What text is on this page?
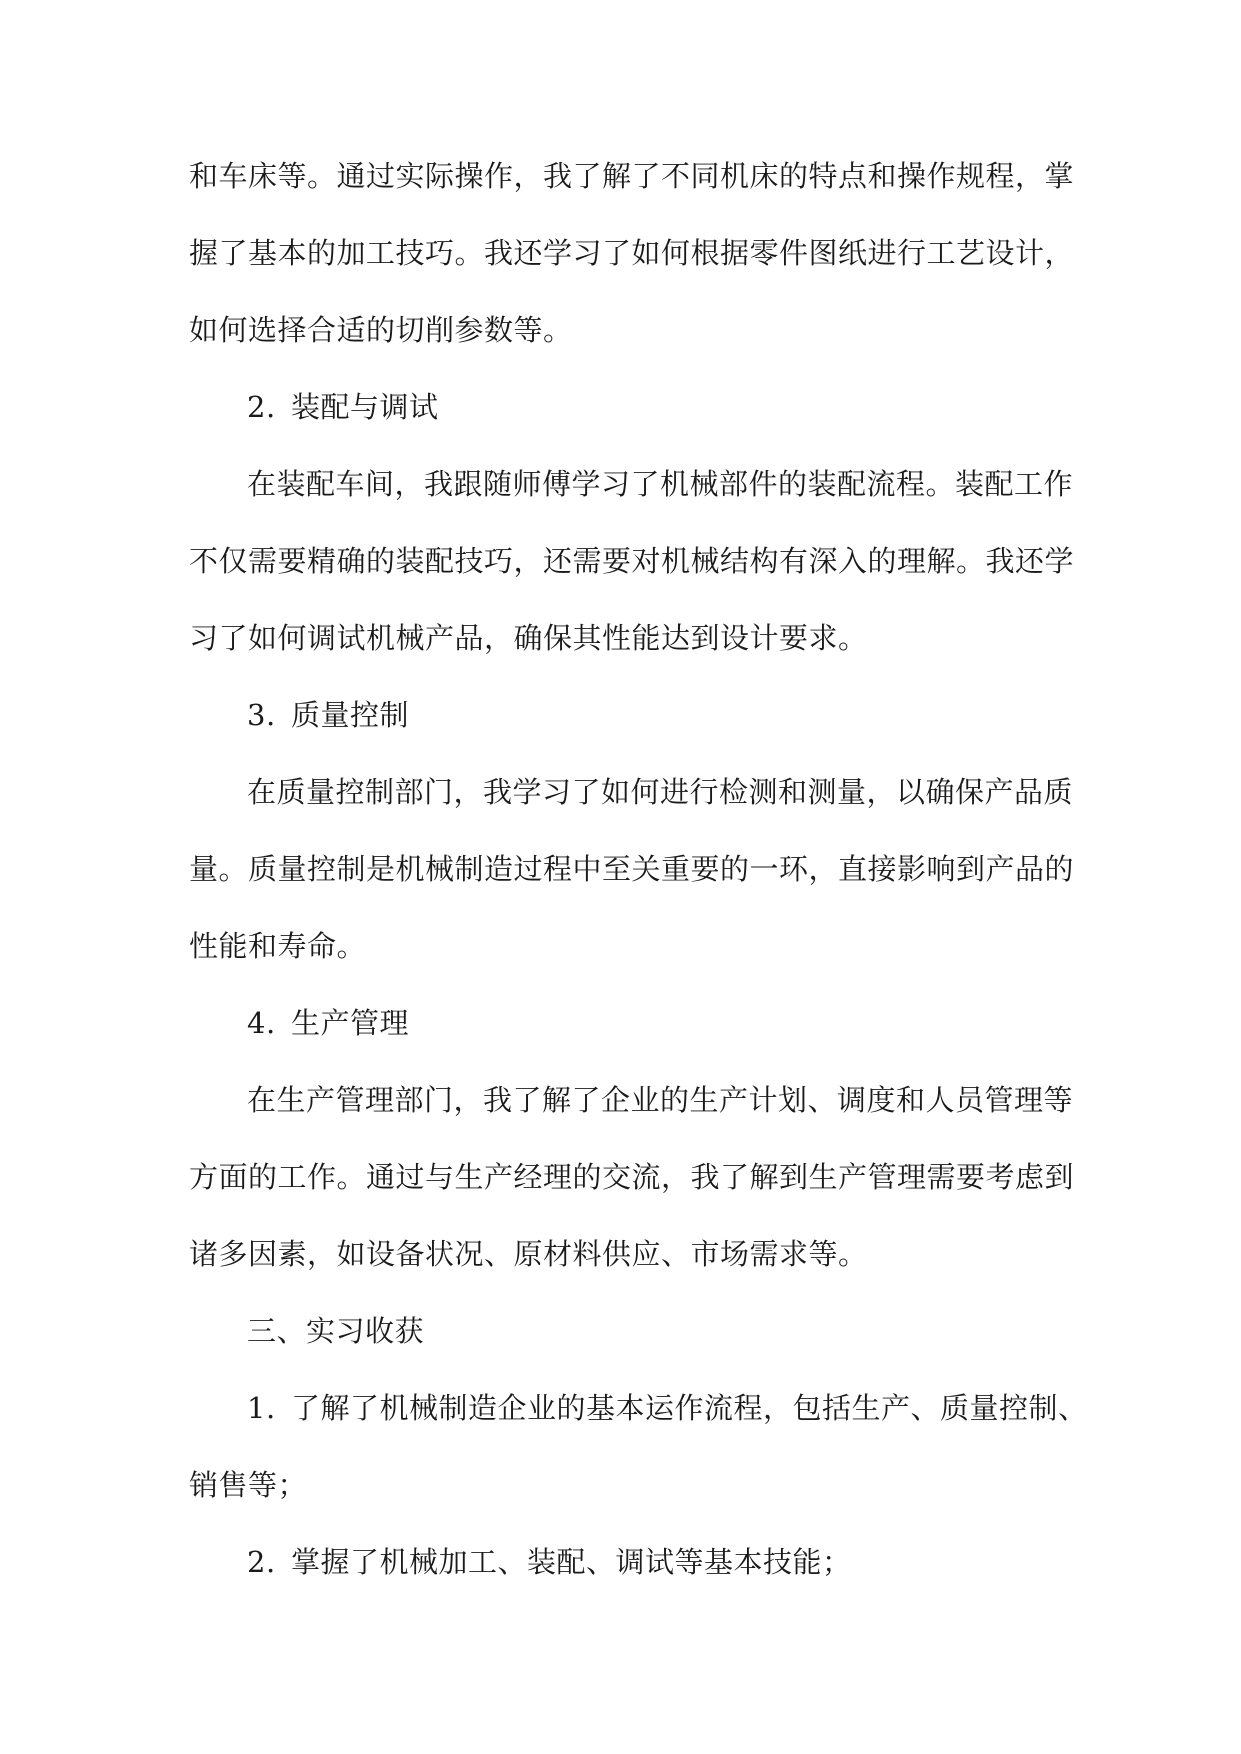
和车床等。通过实际操作，我了解了不同机床的特点和操作规程，掌
握了基本的加工技巧。我还学习了如何根据零件图纸进行工艺设计，
如何选择合适的切削参数等。

2. 装配与调试

在装配车间，我跟随师傅学习了机械部件的装配流程。装配工作
不仅需要精确的装配技巧，还需要对机械结构有深入的理解。我还学
习了如何调试机械产品，确保其性能达到设计要求。

3. 质量控制

在质量控制部门，我学习了如何进行检测和测量，以确保产品质
量。质量控制是机械制造过程中至关重要的一环，直接影响到产品的
性能和寿命。

4. 生产管理

在生产管理部门，我了解了企业的生产计划、调度和人员管理等
方面的工作。通过与生产经理的交流，我了解到生产管理需要考虑到
诸多因素，如设备状况、原材料供应、市场需求等。

三、实习收获

1. 了解了机械制造企业的基本运作流程，包括生产、质量控制、
销售等；

2. 掌握了机械加工、装配、调试等基本技能；
